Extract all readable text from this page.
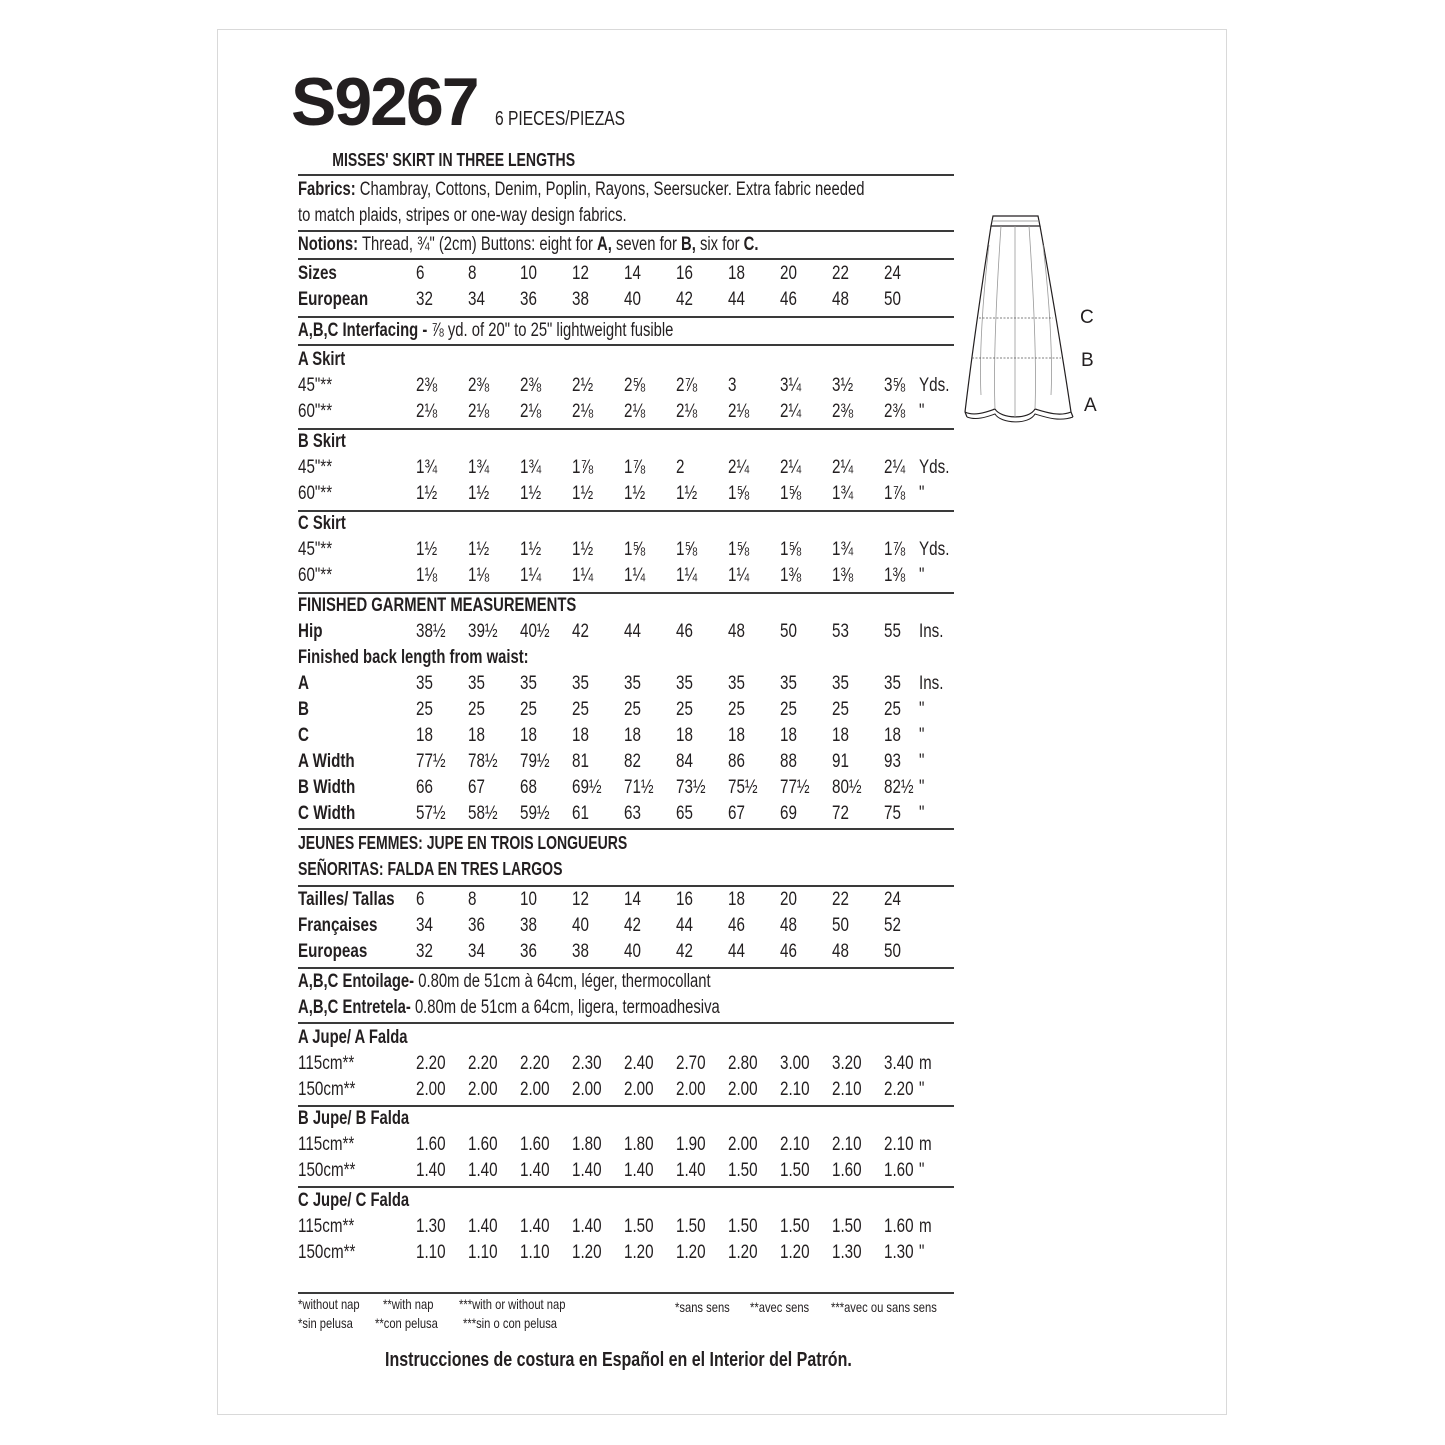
S9267 6 PIECES/PIEZAS
MISSES' SKIRT IN THREE LENGTHS
Fabrics: Chambray, Cottons, Denim, Poplin, Rayons, Seersucker. Extra fabric needed
to match plaids, stripes or one-way design fabrics.
Notions: Thread, ¾" (2cm) Buttons: eight for A, seven for B, six for C.
Sizes	6 8 10 12 14 16 18 20 22 24
European	32 34 36 38 40 42 44 46 48 50
A,B,C Interfacing - ⅞ yd. of 20" to 25" lightweight fusible
A Skirt
45"**	2⅜ 2⅜ 2⅜ 2½ 2⅝ 2⅞ 3 3¼ 3½ 3⅝ Yds.
60"**	2⅛ 2⅛ 2⅛ 2⅛ 2⅛ 2⅛ 2⅛ 2¼ 2⅜ 2⅜ "
B Skirt
45"**	1¾ 1¾ 1¾ 1⅞ 1⅞ 2 2¼ 2¼ 2¼ 2¼ Yds.
60"**	1½ 1½ 1½ 1½ 1½ 1½ 1⅝ 1⅝ 1¾ 1⅞ "
C Skirt
45"**	1½ 1½ 1½ 1½ 1⅝ 1⅝ 1⅝ 1⅝ 1¾ 1⅞ Yds.
60"**	1⅛ 1⅛ 1¼ 1¼ 1¼ 1¼ 1¼ 1⅜ 1⅜ 1⅜ "
FINISHED GARMENT MEASUREMENTS
Hip	38½ 39½ 40½ 42 44 46 48 50 53 55 Ins.
Finished back length from waist:
A	35 35 35 35 35 35 35 35 35 35 Ins.
B	25 25 25 25 25 25 25 25 25 25 "
C	18 18 18 18 18 18 18 18 18 18 "
A Width	77½ 78½ 79½ 81 82 84 86 88 91 93 "
B Width	66 67 68 69½ 71½ 73½ 75½ 77½ 80½ 82½ "
C Width	57½ 58½ 59½ 61 63 65 67 69 72 75 "
JEUNES FEMMES: JUPE EN TROIS LONGUEURS
SEÑORITAS: FALDA EN TRES LARGOS
Tailles/ Tallas 6 8 10 12 14 16 18 20 22 24
Françaises 34 36 38 40 42 44 46 48 50 52
Europeas	32 34 36 38 40 42 44 46 48 50
A,B,C Entoilage- 0.80m de 51cm à 64cm, léger, thermocollant
A,B,C Entretela- 0.80m de 51cm a 64cm, ligera, termoadhesiva
A Jupe/ A Falda
115cm**	2.20 2.20 2.20 2.30 2.40 2.70 2.80 3.00 3.20 3.40 m
150cm**	2.00 2.00 2.00 2.00 2.00 2.00 2.00 2.10 2.10 2.20 "
B Jupe/ B Falda
115cm**	1.60 1.60 1.60 1.80 1.80 1.90 2.00 2.10 2.10 2.10 m
150cm**	1.40 1.40 1.40 1.40 1.40 1.40 1.50 1.50 1.60 1.60 "
C Jupe/ C Falda
115cm**	1.30 1.40 1.40 1.40 1.50 1.50 1.50 1.50 1.50 1.60 m
150cm**	1.10 1.10 1.10 1.20 1.20 1.20 1.20 1.20 1.30 1.30 "
*without nap **with nap ***with or without nap
*sin pelusa **con pelusa ***sin o con pelusa
*sans sens **avec sens ***avec ou sans sens
Instrucciones de costura en Español en el Interior del Patrón.
C
B
A
